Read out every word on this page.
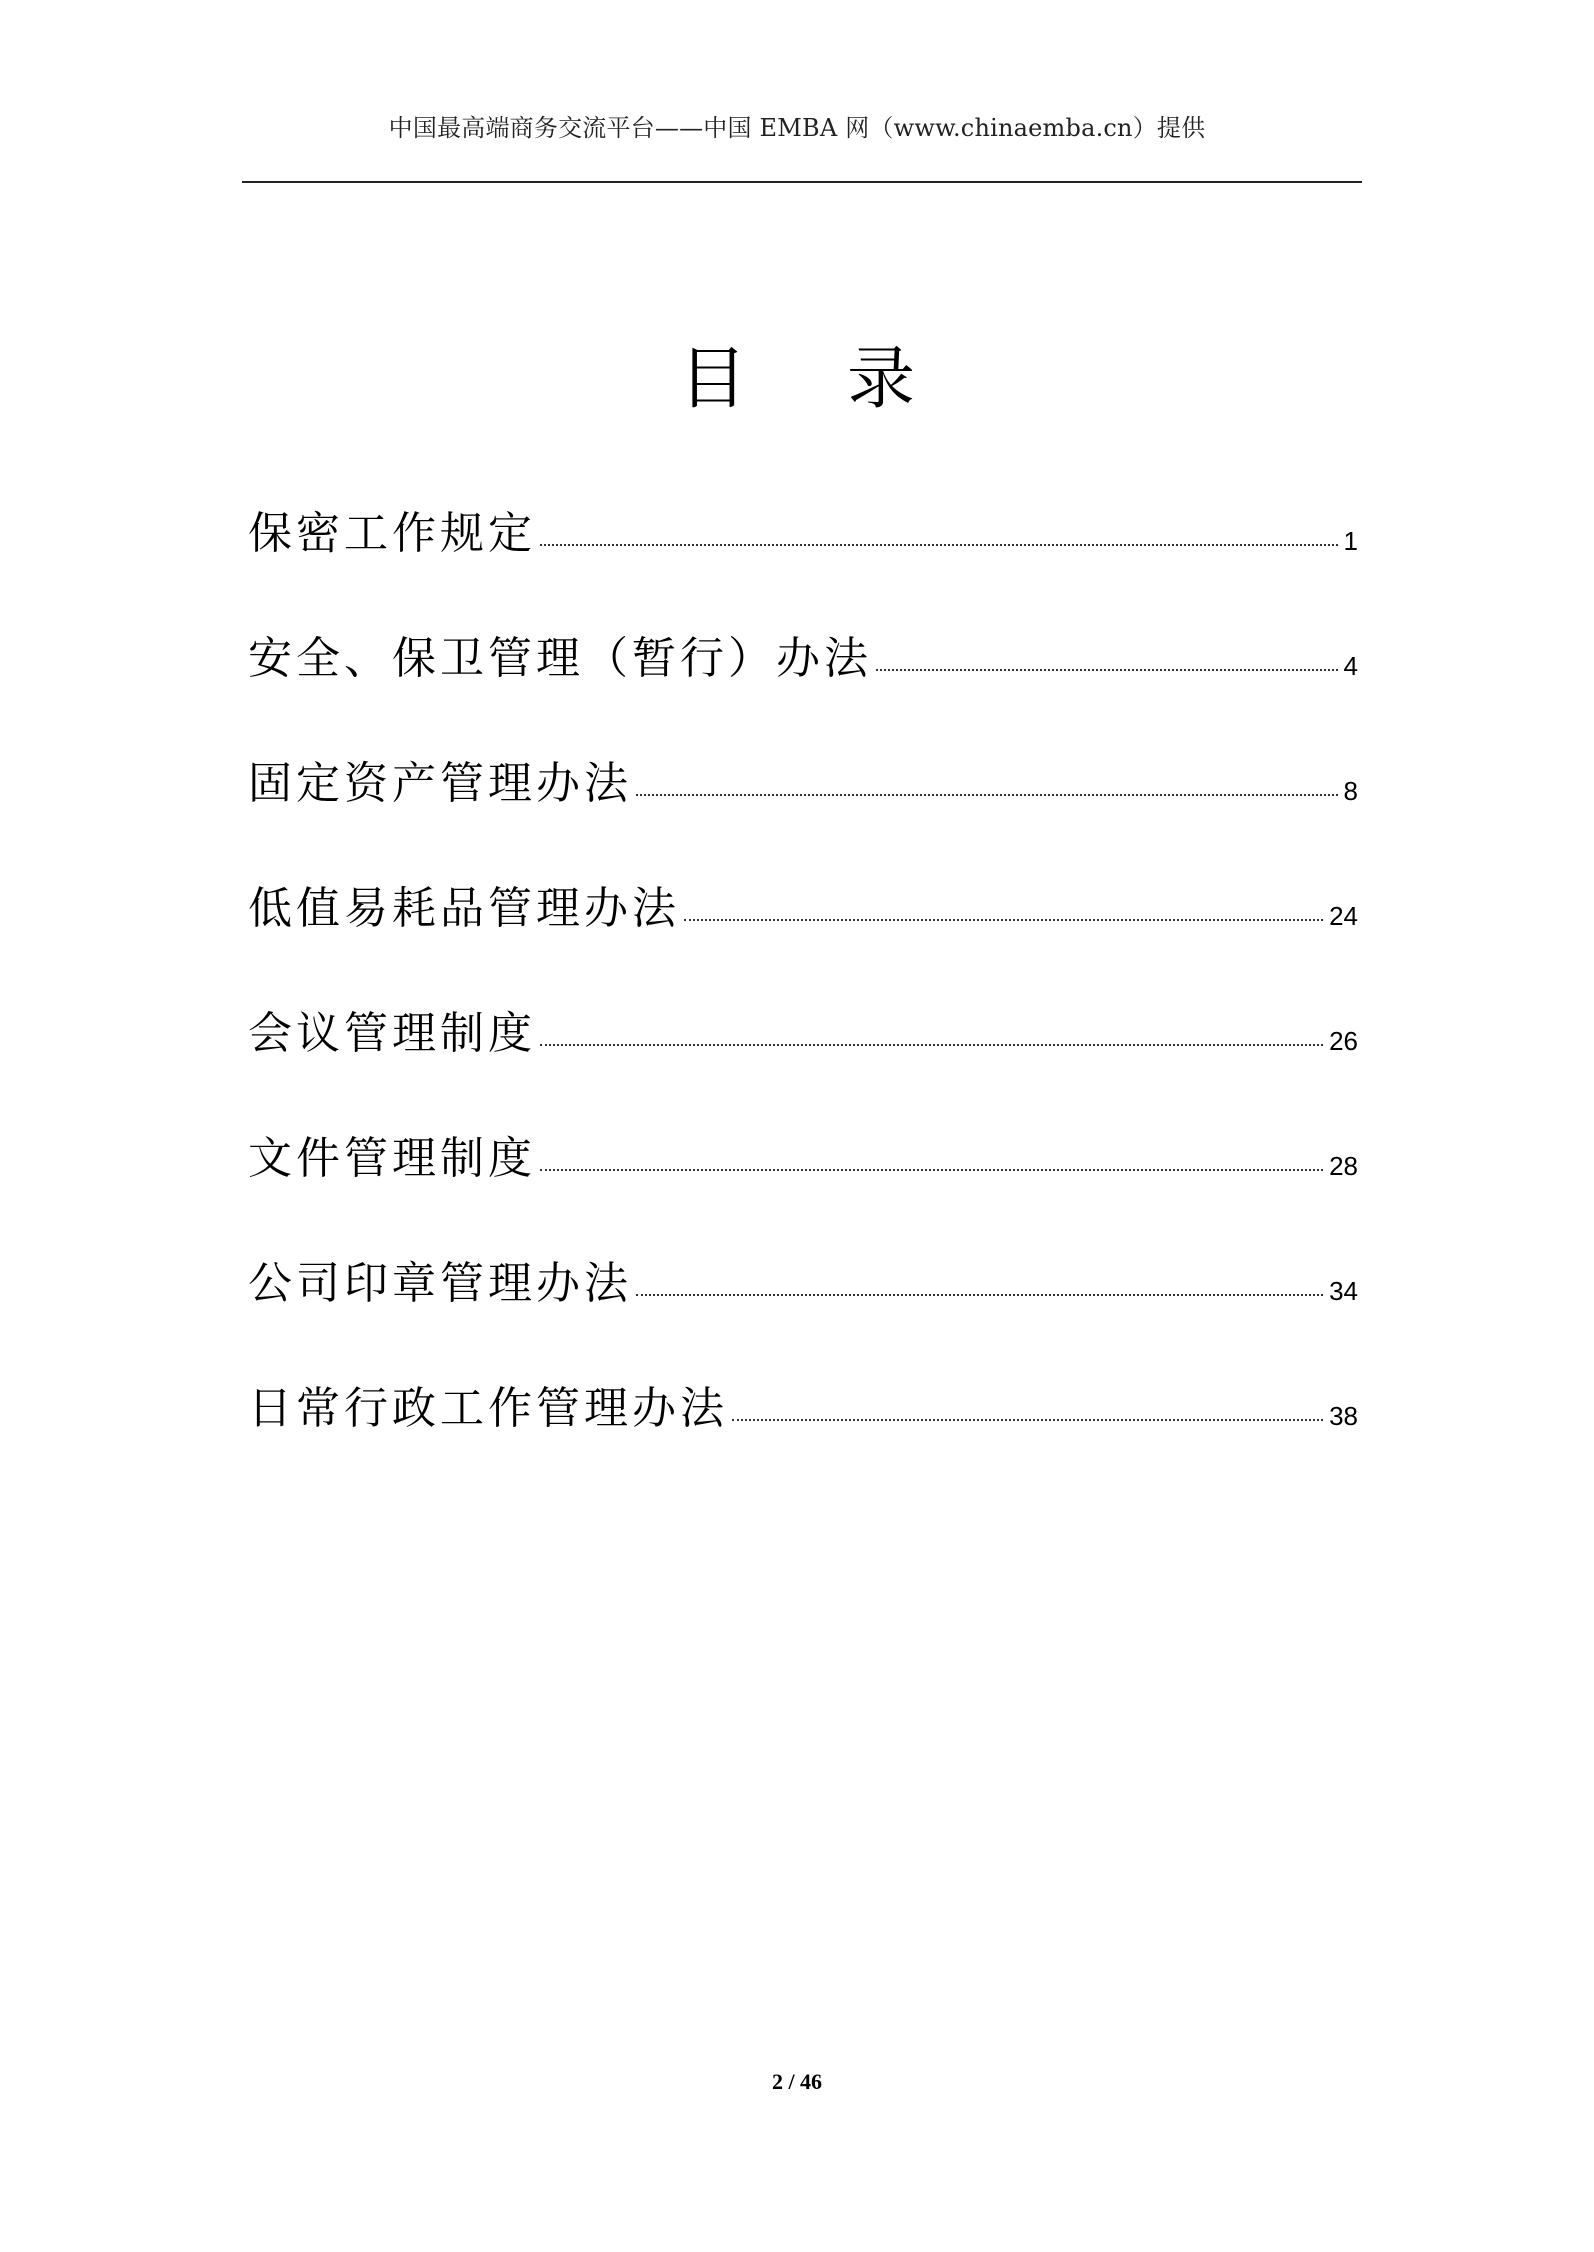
中国最高端商务交流平台——中国 EMBA 网（www.chinaemba.cn）提供
目录
保密工作规定	1
安全、保卫管理（暂行）办法	4
固定资产管理办法	8
低值易耗品管理办法	24
会议管理制度	26
文件管理制度	28
公司印章管理办法	34
日常行政工作管理办法	38
2 / 46
